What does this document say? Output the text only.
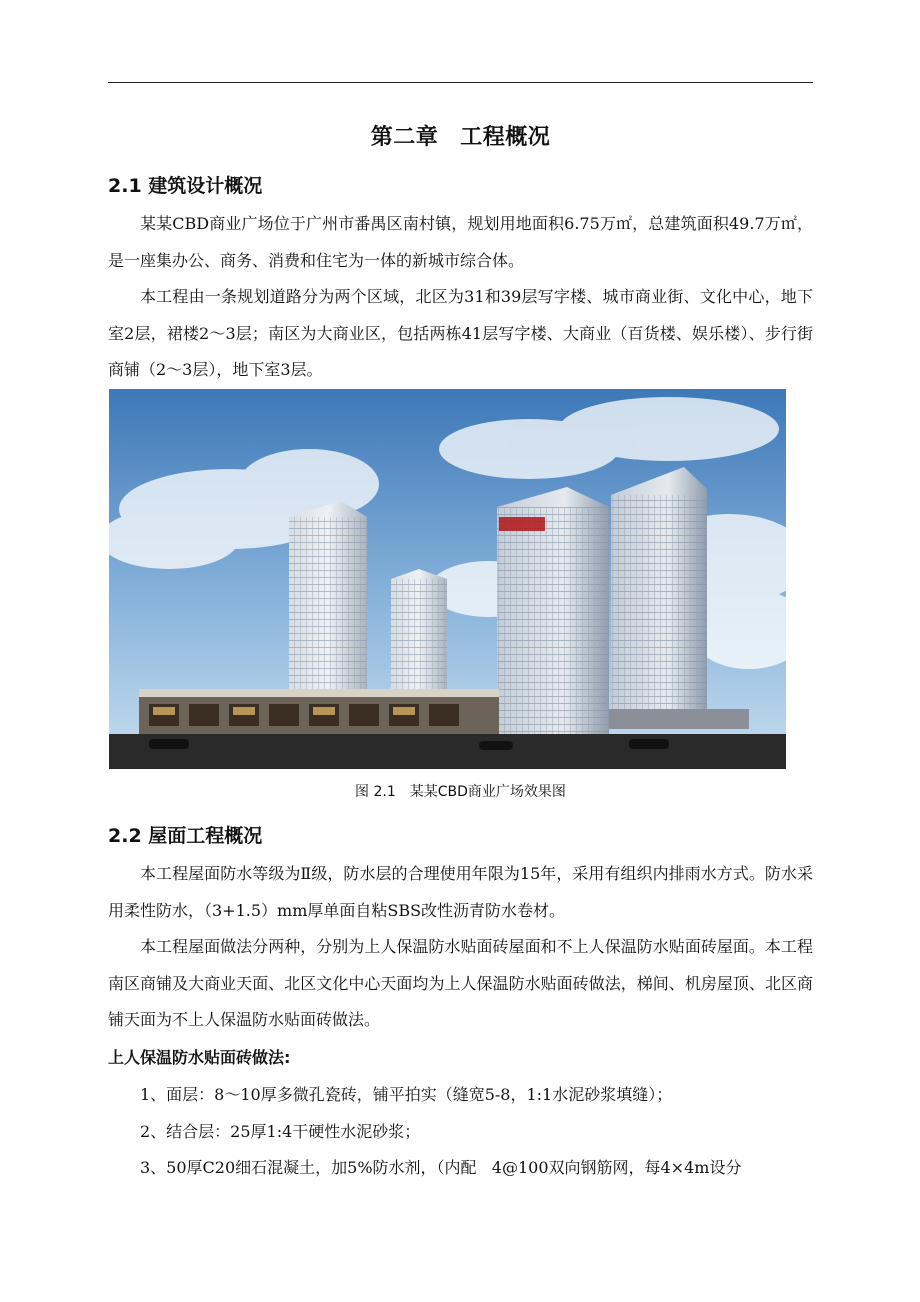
第二章 工程概况
2.1 建筑设计概况

某某CBD商业广场位于广州市番禺区南村镇，规划用地面积6.75万㎡，总建筑面积49.7万㎡，是一座集办公、商务、消费和住宅为一体的新城市综合体。

本工程由一条规划道路分为两个区域，北区为31和39层写字楼、城市商业街、文化中心，地下室2层，裙楼2～3层；南区为大商业区，包括两栋41层写字楼、大商业（百货楼、娱乐楼）、步行街商铺（2～3层），地下室3层。

图 2.1 某某CBD商业广场效果图
2.2 屋面工程概况

本工程屋面防水等级为Ⅱ级，防水层的合理使用年限为15年，采用有组织内排雨水方式。防水采用柔性防水，（3+1.5）mm厚单面自粘SBS改性沥青防水卷材。

本工程屋面做法分两种，分别为上人保温防水贴面砖屋面和不上人保温防水贴面砖屋面。本工程南区商铺及大商业天面、北区文化中心天面均为上人保温防水贴面砖做法，梯间、机房屋顶、北区商铺天面为不上人保温防水贴面砖做法。

上人保温防水贴面砖做法:

1、面层：8～10厚多微孔瓷砖，铺平拍实（缝宽5-8，1:1水泥砂浆填缝）；

2、结合层：25厚1:4干硬性水泥砂浆；

3、50厚C20细石混凝土，加5%防水剂，（内配   4@100双向钢筋网，每4×4m设分
